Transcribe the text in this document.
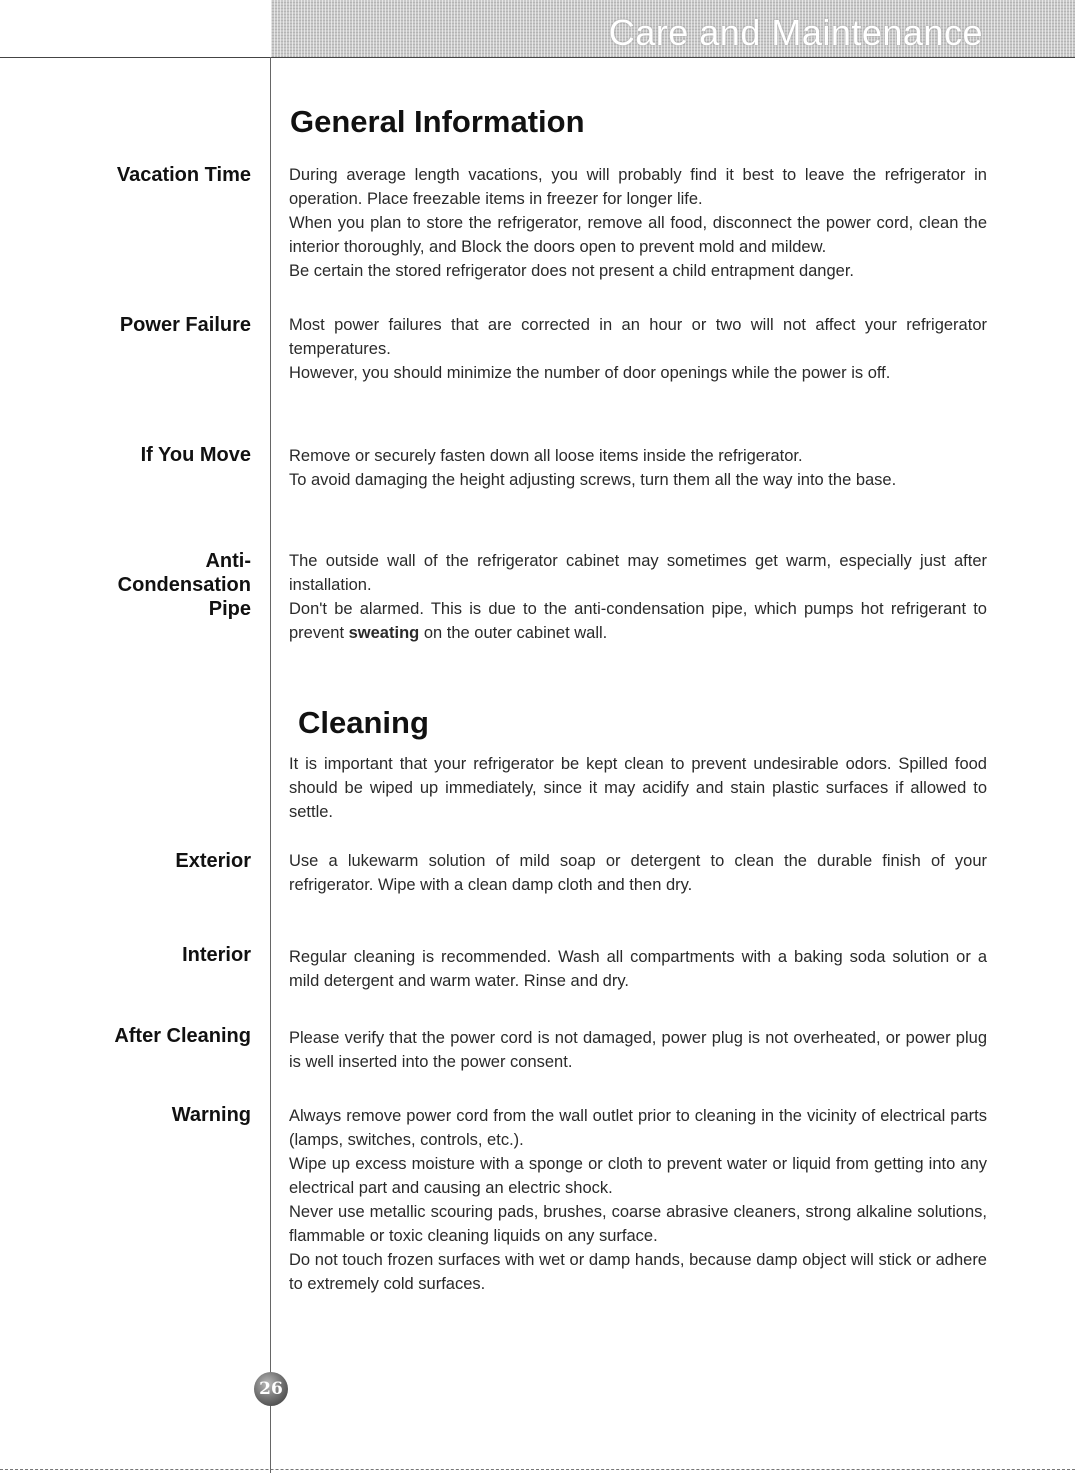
Care and Maintenance
General Information
Vacation Time During average length vacations, you will probably find it best to leave the refrigerator in operation. Place freezable items in freezer for longer life.

When you plan to store the refrigerator, remove all food, disconnect the power cord, clean the interior thoroughly, and Block the doors open to prevent mold and mildew.

Be certain the stored refrigerator does not present a child entrapment danger.

Power Failure Most power failures that are corrected in an hour or two will not affect your refrigerator temperatures.

However, you should minimize the number of door openings while the power is off.

If You Move Remove or securely fasten down all loose items inside the refrigerator.

To avoid damaging the height adjusting screws, turn them all the way into the base.

Anti-
Condensation
Pipe

The outside wall of the refrigerator cabinet may sometimes get warm, especially just after installation.

Don't be alarmed. This is due to the anti-condensation pipe, which pumps hot refrigerant to prevent sweating on the outer cabinet wall.

Cleaning
It is important that your refrigerator be kept clean to prevent undesirable odors. Spilled food should be wiped up immediately, since it may acidify and stain plastic surfaces if allowed to settle.
Exterior Use a lukewarm solution of mild soap or detergent to clean the durable finish of your refrigerator. Wipe with a clean damp cloth and then dry.
Interior Regular cleaning is recommended. Wash all compartments with a baking soda solution or a mild detergent and warm water. Rinse and dry.
After Cleaning Please verify that the power cord is not damaged, power plug is not overheated, or power plug is well inserted into the power consent.
Warning Always remove power cord from the wall outlet prior to cleaning in the vicinity of electrical parts (lamps, switches, controls, etc.).

Wipe up excess moisture with a sponge or cloth to prevent water or liquid from getting into any electrical part and causing an electric shock.

Never use metallic scouring pads, brushes, coarse abrasive cleaners, strong alkaline solutions, flammable or toxic cleaning liquids on any surface.

Do not touch frozen surfaces with wet or damp hands, because damp object will stick or adhere to extremely cold surfaces.

26
